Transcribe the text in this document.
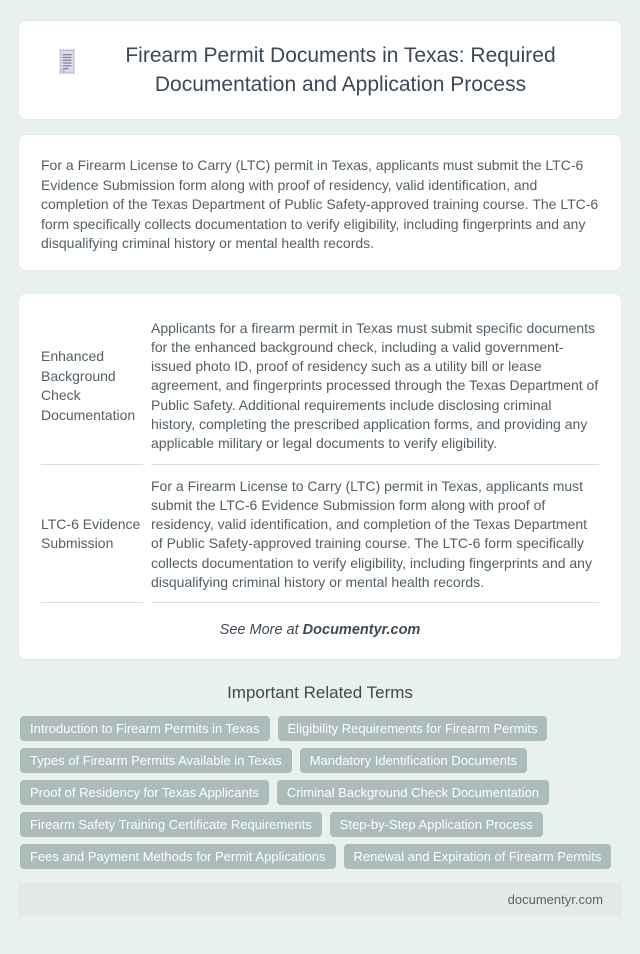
Firearm Permit Documents in Texas: Required Documentation and Application Process

For a Firearm License to Carry (LTC) permit in Texas, applicants must submit the LTC-6 Evidence Submission form along with proof of residency, valid identification, and completion of the Texas Department of Public Safety-approved training course. The LTC-6 form specifically collects documentation to verify eligibility, including fingerprints and any disqualifying criminal history or mental health records.

Enhanced Background Check Documentation
Applicants for a firearm permit in Texas must submit specific documents for the enhanced background check, including a valid government-issued photo ID, proof of residency such as a utility bill or lease agreement, and fingerprints processed through the Texas Department of Public Safety. Additional requirements include disclosing criminal history, completing the prescribed application forms, and providing any applicable military or legal documents to verify eligibility.
LTC-6 Evidence Submission
For a Firearm License to Carry (LTC) permit in Texas, applicants must submit the LTC-6 Evidence Submission form along with proof of residency, valid identification, and completion of the Texas Department of Public Safety-approved training course. The LTC-6 form specifically collects documentation to verify eligibility, including fingerprints and any disqualifying criminal history or mental health records.
See More at Documentyr.com
Important Related Terms
Introduction to Firearm Permits in Texas	Eligibility Requirements for Firearm Permits
Types of Firearm Permits Available in Texas	Mandatory Identification Documents
Proof of Residency for Texas Applicants	Criminal Background Check Documentation
Firearm Safety Training Certificate Requirements	Step-by-Step Application Process
Fees and Payment Methods for Permit Applications	Renewal and Expiration of Firearm Permits
documentyr.com
